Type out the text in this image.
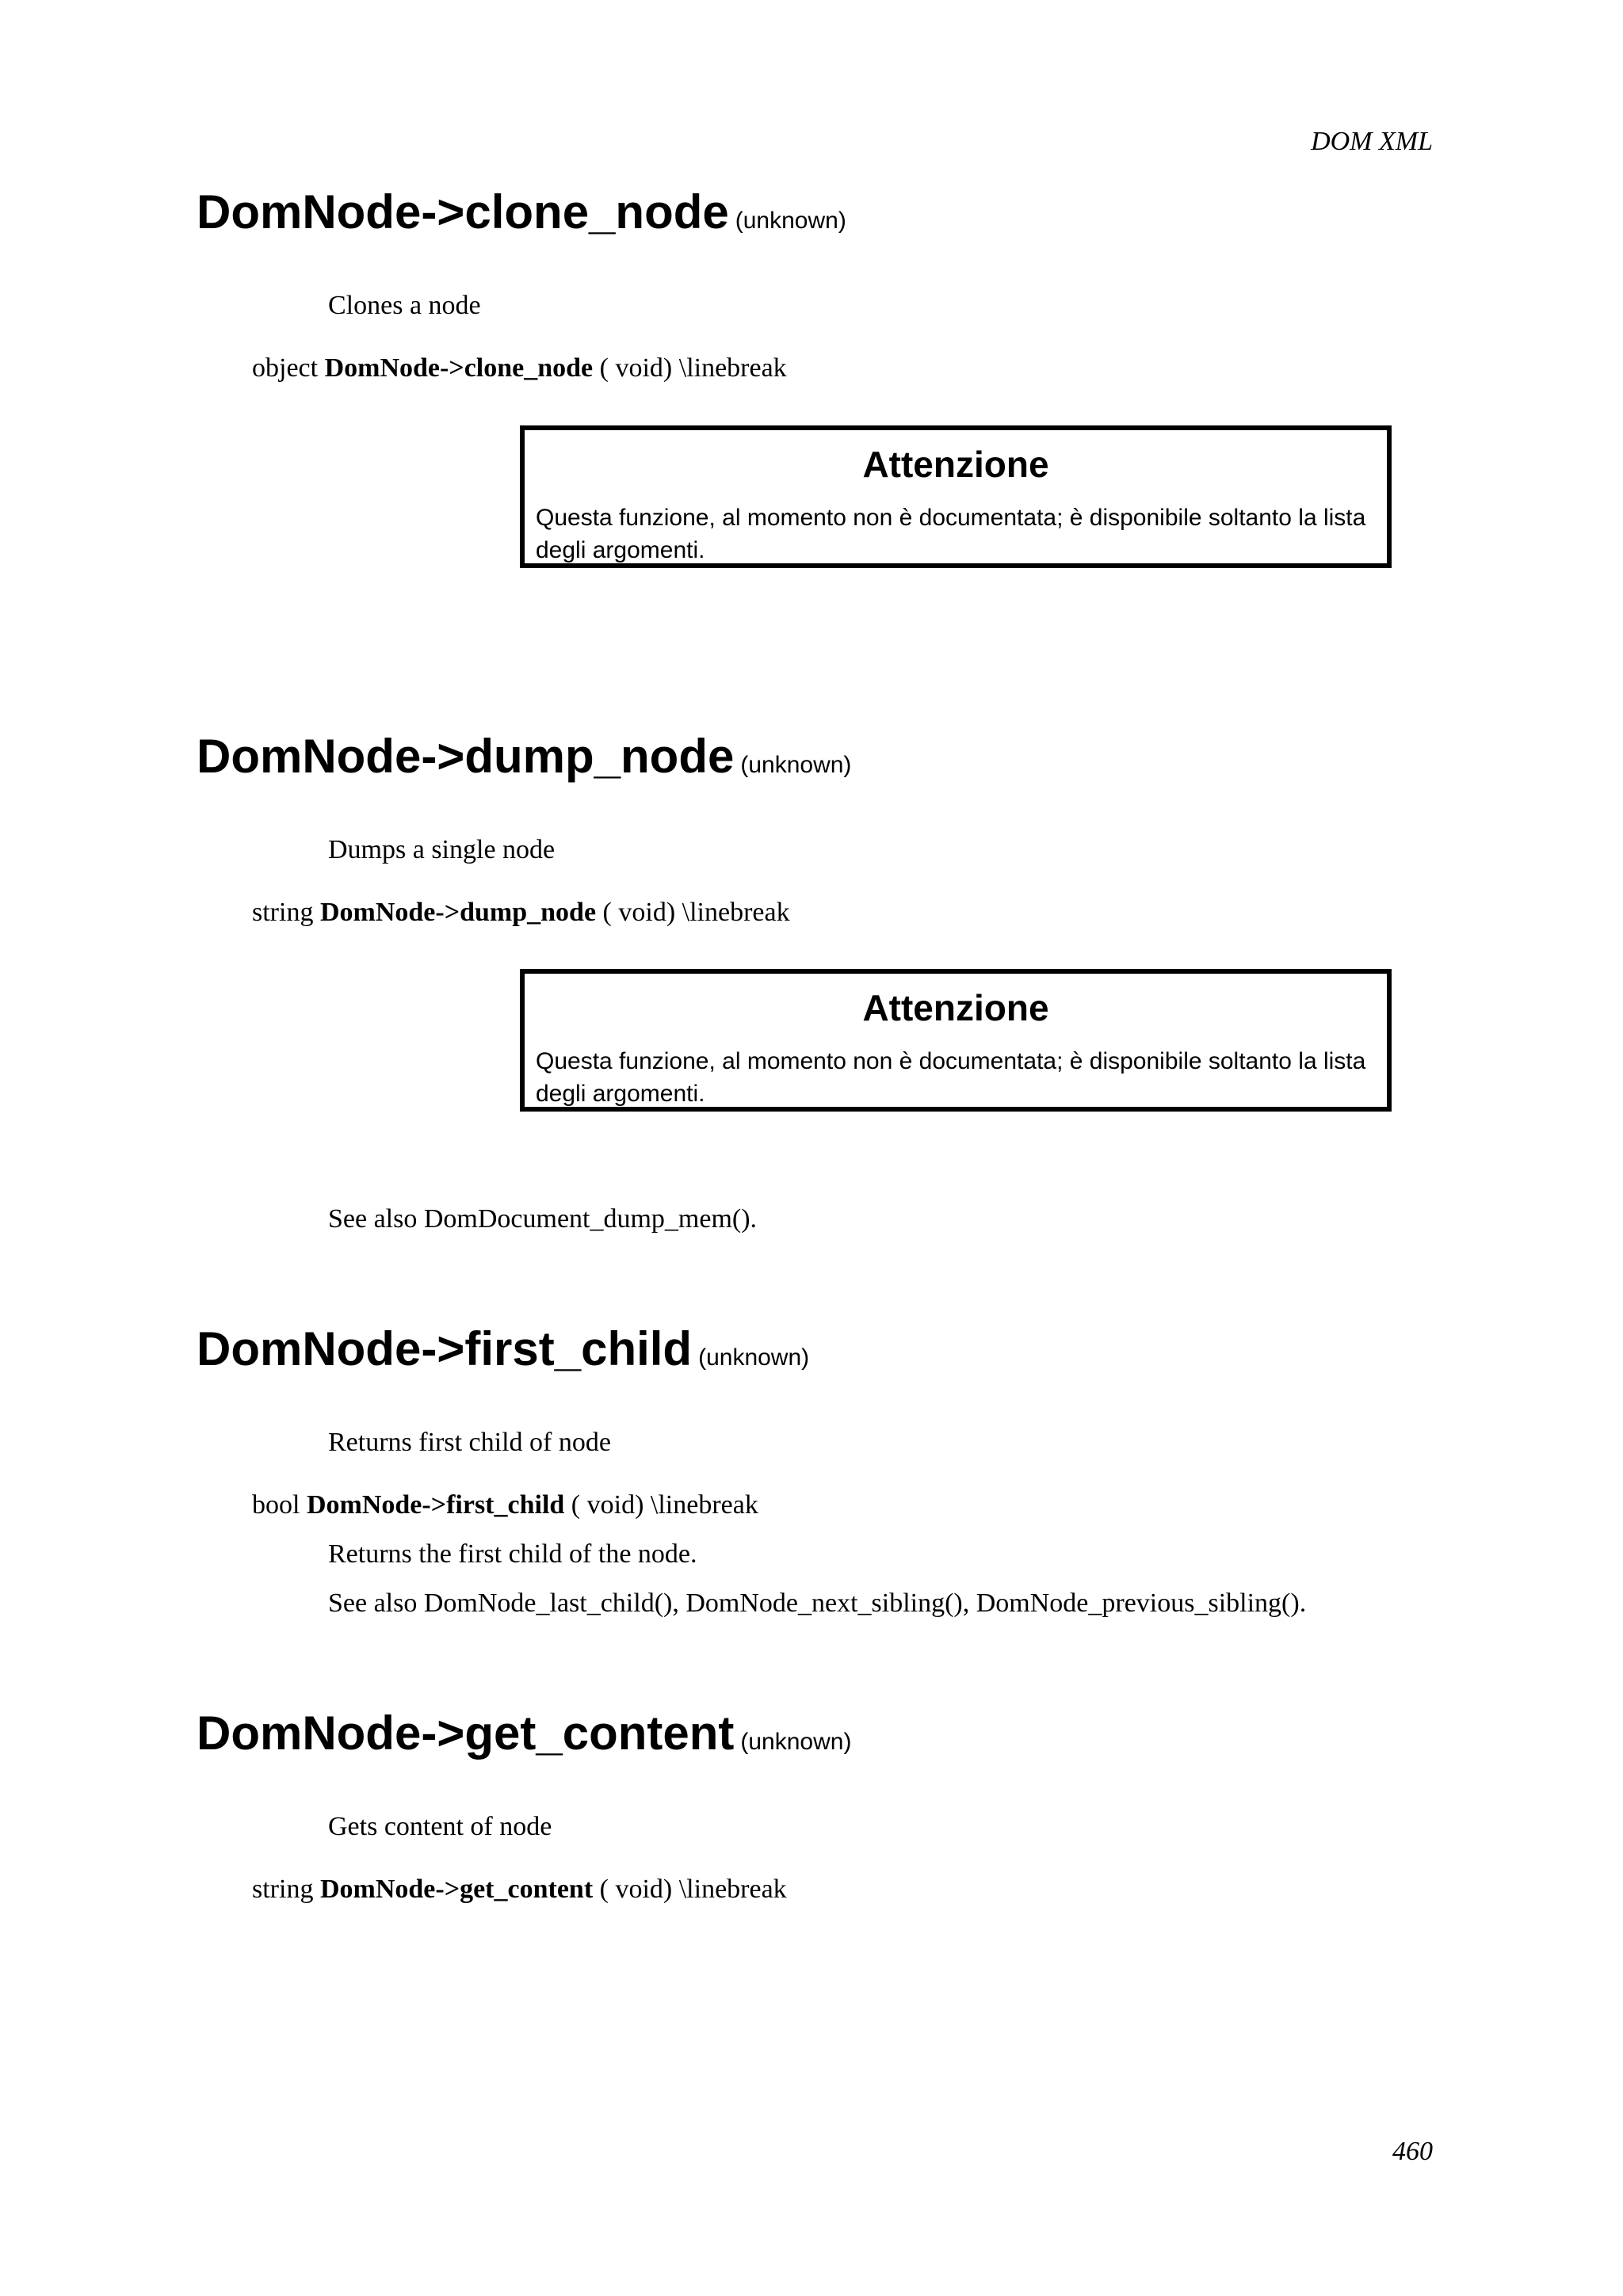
DOM XML
DomNode->clone_node (unknown)
Clones a node
object DomNode->clone_node ( void) \linebreak
Attenzione
Questa funzione, al momento non è documentata; è disponibile soltanto la lista degli argomenti.
DomNode->dump_node (unknown)
Dumps a single node
string DomNode->dump_node ( void) \linebreak
Attenzione
Questa funzione, al momento non è documentata; è disponibile soltanto la lista degli argomenti.
See also DomDocument_dump_mem().
DomNode->first_child (unknown)
Returns first child of node
bool DomNode->first_child ( void) \linebreak
Returns the first child of the node.
See also DomNode_last_child(), DomNode_next_sibling(), DomNode_previous_sibling().
DomNode->get_content (unknown)
Gets content of node
string DomNode->get_content ( void) \linebreak
460
